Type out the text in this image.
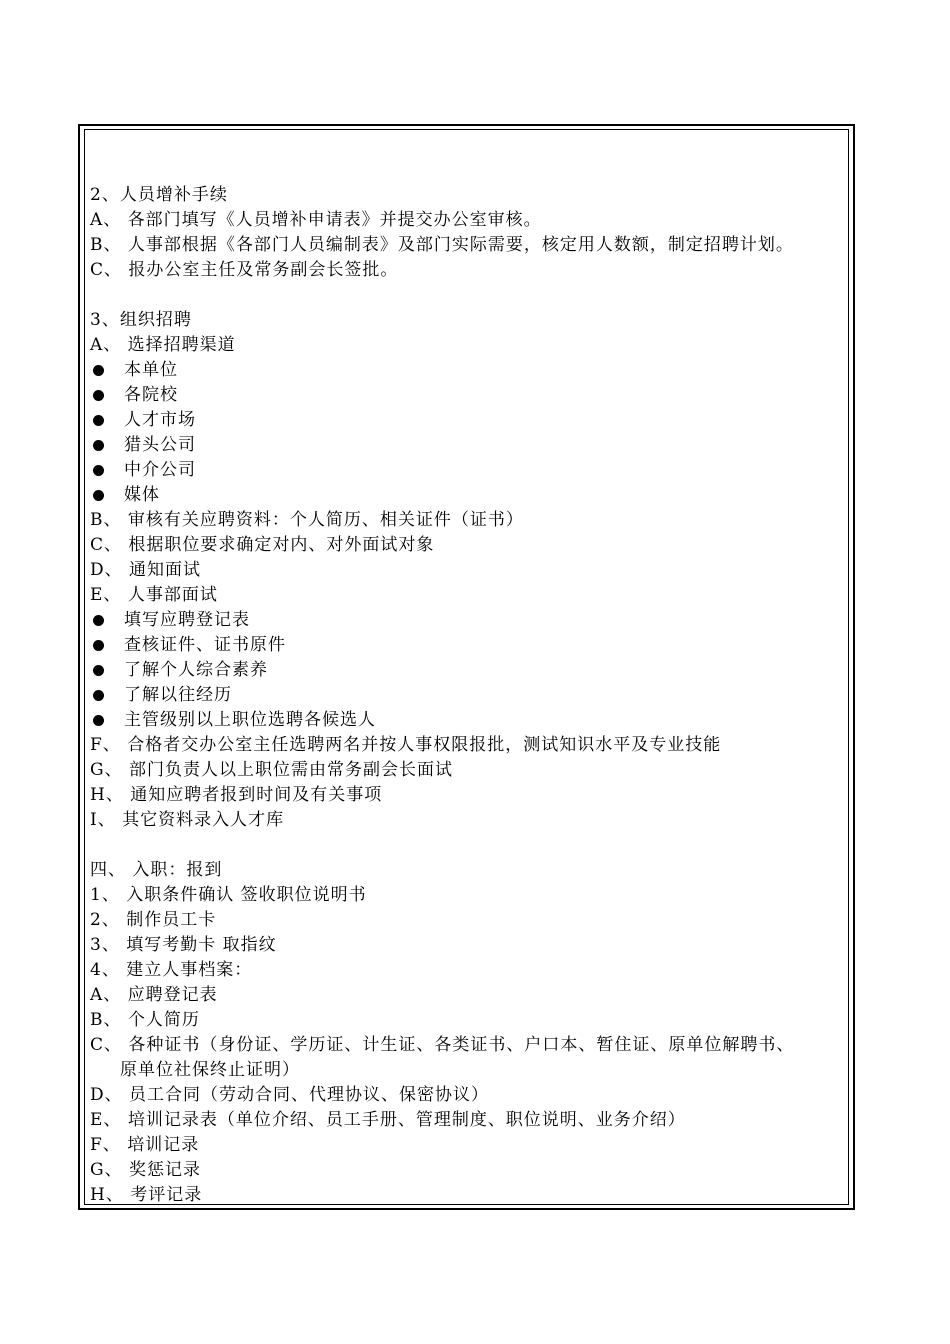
2、人员增补手续
A、 各部门填写《人员增补申请表》并提交办公室审核。
B、 人事部根据《各部门人员编制表》及部门实际需要，核定用人数额，制定招聘计划。
C、 报办公室主任及常务副会长签批。
3、组织招聘
A、 选择招聘渠道
本单位
各院校
人才市场
猎头公司
中介公司
媒体
B、 审核有关应聘资料：个人简历、相关证件（证书）
C、 根据职位要求确定对内、对外面试对象
D、 通知面试
E、 人事部面试
填写应聘登记表
查核证件、证书原件
了解个人综合素养
了解以往经历
主管级别以上职位选聘各候选人
F、 合格者交办公室主任选聘两名并按人事权限报批，测试知识水平及专业技能
G、 部门负责人以上职位需由常务副会长面试
H、 通知应聘者报到时间及有关事项
I、 其它资料录入人才库
四、 入职：报到
1、 入职条件确认 签收职位说明书
2、 制作员工卡
3、 填写考勤卡 取指纹
4、 建立人事档案：
A、 应聘登记表
B、 个人简历
C、 各种证书（身份证、学历证、计生证、各类证书、户口本、暂住证、原单位解聘书、
原单位社保终止证明）
D、 员工合同（劳动合同、代理协议、保密协议）
E、 培训记录表（单位介绍、员工手册、管理制度、职位说明、业务介绍）
F、 培训记录
G、 奖惩记录
H、 考评记录
